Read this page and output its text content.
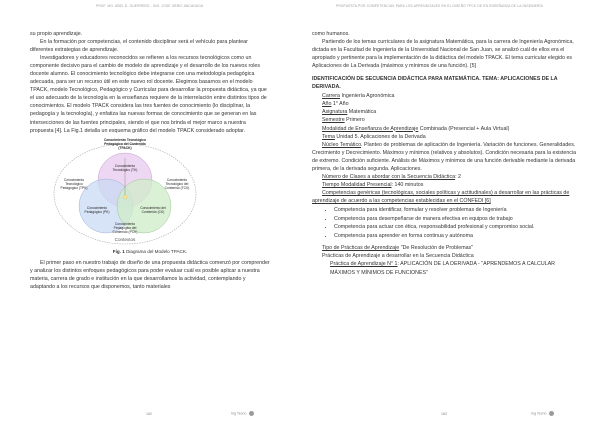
PROF. MG. ABEL D. GUERRERO - ING. JOSE OBRIC ANCANUGA	PROPUESTA POR COMPETENCIAS PARA LOS APRENDIZAJES EN EL DISEÑO TPCK DE EN ENSEÑANZA DE LA INGENIERÍA

su propio aprendizaje.

En la formación por competencias, el contenido disciplinar será el vehículo para plantear diferentes estrategias de aprendizaje.

Investigadores y educadores reconocidos se refieren a los recursos tecnológicos como un componente decisivo para el cambio de modelo de aprendizaje y el desarrollo de los nuevos roles docente alumno. El conocimiento tecnológico debe integrarse con una metodología pedagógica adecuada, para ser un recurso útil en este nuevo rol docente. Elegimos basarnos en el modelo TPACK, modelo Tecnológico, Pedagógico y Curricular para desarrollar la propuesta didáctica, ya que el uso adecuado de la tecnología en la enseñanza requiere de la interrelación entre distintos tipos de conocimientos. El modelo TPACK considera las tres fuentes de conocimiento (lo disciplinar, la pedagogía y la tecnología), y enfatiza las nuevas formas de conocimiento que se generan en las intersecciones de las fuentes principales, siendo el que nos brinda el mejor marco a nuestra propuesta [4]. La Fig.1 detalla un esquema gráfico del modelo TPACK considerado adoptar.

Conocimiento Tecnológico Pedagógico del Contenido
(TPACK)
Conocimiento Tecnológico (TK)
Conocimiento Tecnológico Pedagógico (TPK)
Conocimiento Tecnológico del Contenido (TCK)
Conocimiento Pedagógico (PK)
Conocimiento del Contenido (CK)
Conocimiento Pedagógico del Contenido (PCK)
Contextos
Fig. 1 Diagrama del Modelo TPACK.

El primer paso en nuestro trabajo de diseño de una propuesta didáctica comenzó por comprender y analizar los distintos enfoques pedagógicos para poder evaluar cuál es posible aplicar a nuestra materia, carrera de grado e institución en la que desarrollamos la actividad, contemplando y adaptando a los recursos que disponemos, tanto materiales

como humanos.

Partiendo de los temas curriculares de la asignatura Matemática, para la carrera de Ingeniería Agronómica, dictada en la Facultad de Ingeniería de la Universidad Nacional de San Juan, se analizó cuál de ellos era el apropiado y pertinente para la implementación de la didáctica del modelo TPACK. El tema curricular elegido es Aplicaciones de La Derivada (máximos y mínimos de una función). [5]

IDENTIFICACIÓN DE SECUENCIA DIDÁCTICA PARA MATEMÁTICA. TEMA: APLICACIONES DE LA DERIVADA.

Carrera Ingeniería Agronómica

Año 1° Año

Asignatura Matemática

Semestre Primero

Modalidad de Enseñanza de Aprendizaje Combinada (Presencial + Aula Virtual)

Tema Unidad 5. Aplicaciones de la Derivada

Núcleo Temático. Planteo de problemas de aplicación de Ingeniería. Variación de funciones. Generalidades. Crecimiento y Decrecimiento. Máximos y mínimos (relativos y absolutos). Condición necesaria para la existencia de extremo. Condición suficiente. Análisis de Máximos y mínimos de una función derivable mediante la derivada primera, de la derivada segunda. Aplicaciones.

Número de Clases a abordar con la Secuencia Didáctica: 2

Tiempo Modalidad Presencial: 140 minutos

Competencias genéricas (tecnológicas, sociales políticas y actitudinales) a desarrollar en las prácticas de aprendizaje de acuerdo a las competencias establecidas en el CONFEDI [6]

• Competencia para identificar, formular y resolver problemas de Ingeniería
• Competencia para desempeñarse de manera efectiva en equipos de trabajo
• Competencia para actuar con ética, responsabilidad profesional y compromiso social.
• Competencia para aprender en forma continua y autónoma

Tipo de Prácticas de Aprendizaje "De Resolución de Problemas"

Prácticas de Aprendizaje a desarrollar en la Secuencia Didáctica

Práctica de Aprendizaje N° 1: APLICACIÓN DE LA DERIVADA - "APRENDEMOS A CALCULAR MÁXIMOS Y MÍNIMOS DE FUNCIONES"

182	Ing Tecno	183	Ing Tecno
